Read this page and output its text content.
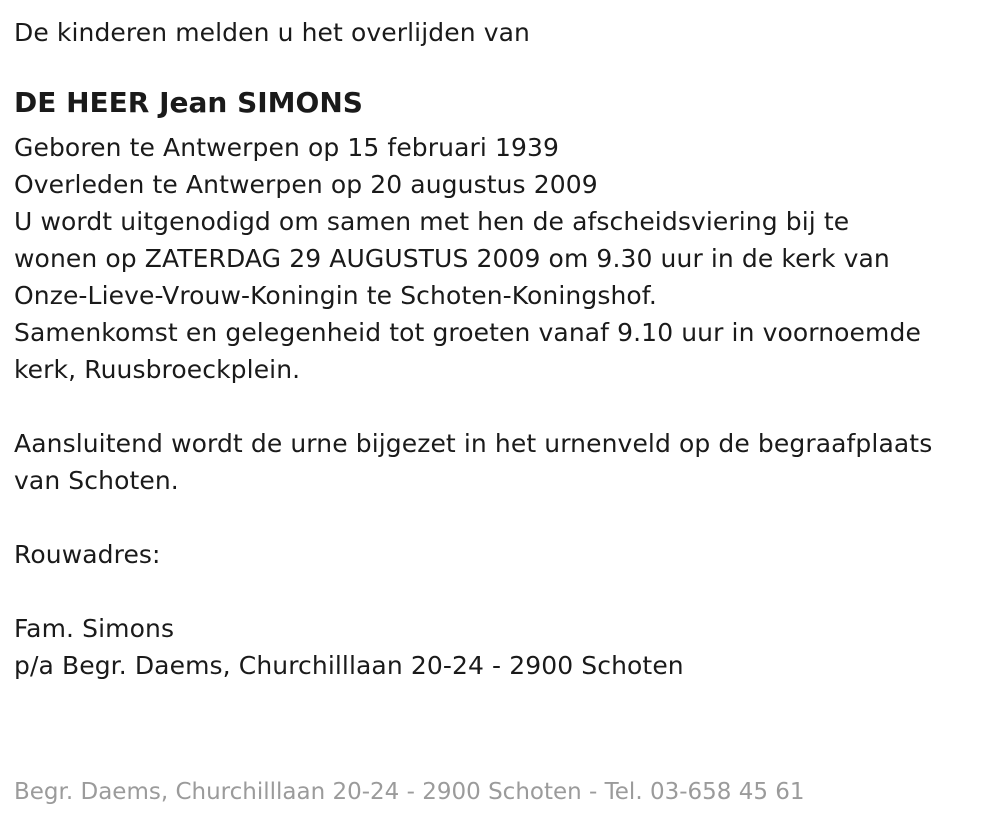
De kinderen melden u het overlijden van
DE HEER Jean SIMONS
Geboren te Antwerpen op 15 februari 1939
Overleden te Antwerpen op 20 augustus 2009
U wordt uitgenodigd om samen met hen de afscheidsviering bij te
wonen op ZATERDAG 29 AUGUSTUS 2009 om 9.30 uur in de kerk van
Onze-Lieve-Vrouw-Koningin te Schoten-Koningshof.
Samenkomst en gelegenheid tot groeten vanaf 9.10 uur in voornoemde
kerk, Ruusbroeckplein.
Aansluitend wordt de urne bijgezet in het urnenveld op de begraafplaats
van Schoten.
Rouwadres:
Fam. Simons
p/a Begr. Daems, Churchilllaan 20-24 - 2900 Schoten
Begr. Daems, Churchilllaan 20-24 - 2900 Schoten - Tel. 03-658 45 61
